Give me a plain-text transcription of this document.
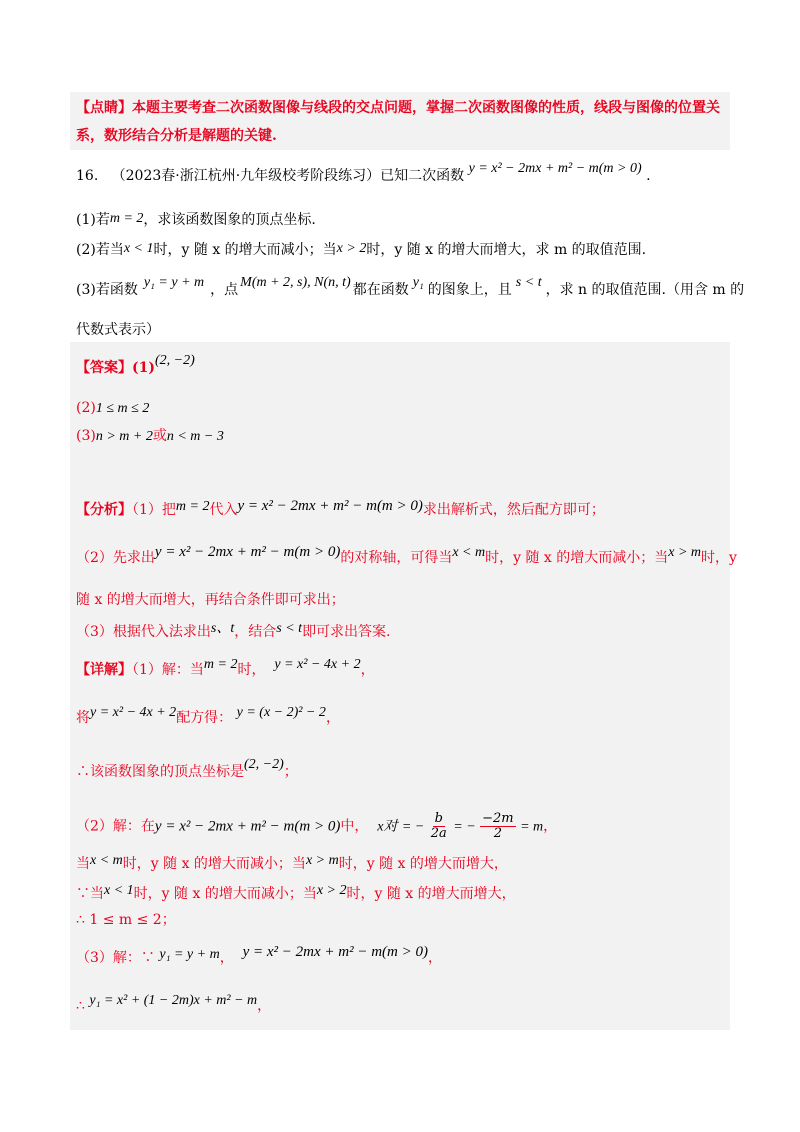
【点睛】本题主要考查二次函数图像与线段的交点问题，掌握二次函数图像的性质，线段与图像的位置关
系，数形结合分析是解题的关键.
16. （2023春·浙江杭州·九年级校考阶段练习）已知二次函数 y = x² − 2mx + m² − m(m > 0) .
(1)若m = 2，求该函数图象的顶点坐标.
(2)若当x < 1时，y 随 x 的增大而减小；当x > 2时，y 随 x 的增大而增大，求 m 的取值范围.
(3)若函数 y₁ = y + m ，点 M(m + 2, s), N(n, t) 都在函数 y₁ 的图象上，且 s < t ，求 n 的取值范围.（用含 m 的
代数式表示）
【答案】(1)(2, −2)
(2)1 ≤ m ≤ 2
(3)n > m + 2或n < m − 3
【分析】（1）把m = 2代入y = x² − 2mx + m² − m(m > 0)求出解析式，然后配方即可；
（2）先求出y = x² − 2mx + m² − m(m > 0)的对称轴，可得当x < m时，y 随 x 的增大而减小；当x > m时，y
随 x 的增大而增大，再结合条件即可求出；
（3）根据代入法求出s、t，结合s < t即可求出答案.
【详解】（1）解：当m = 2时， y = x² − 4x + 2，
将y = x² − 4x + 2配方得： y = (x − 2)² − 2，
∴该函数图象的顶点坐标是(2, −2)；
（2）解：在y = x² − 2mx + m² − m(m > 0)中， x对 = − $\frac{b}{2a}$ = − $\frac{-2m}{2} = m$，
当x < m时，y 随 x 的增大而减小；当x > m时，y 随 x 的增大而增大，
∵当x < 1时，y 随 x 的增大而减小；当x > 2时，y 随 x 的增大而增大，
∴ 1 ≤ m ≤ 2；
（3）解：∵ y₁ = y + m， y = x² − 2mx + m² − m(m > 0)，
∴ y₁ = x² + (1 − 2m)x + m² − m，
